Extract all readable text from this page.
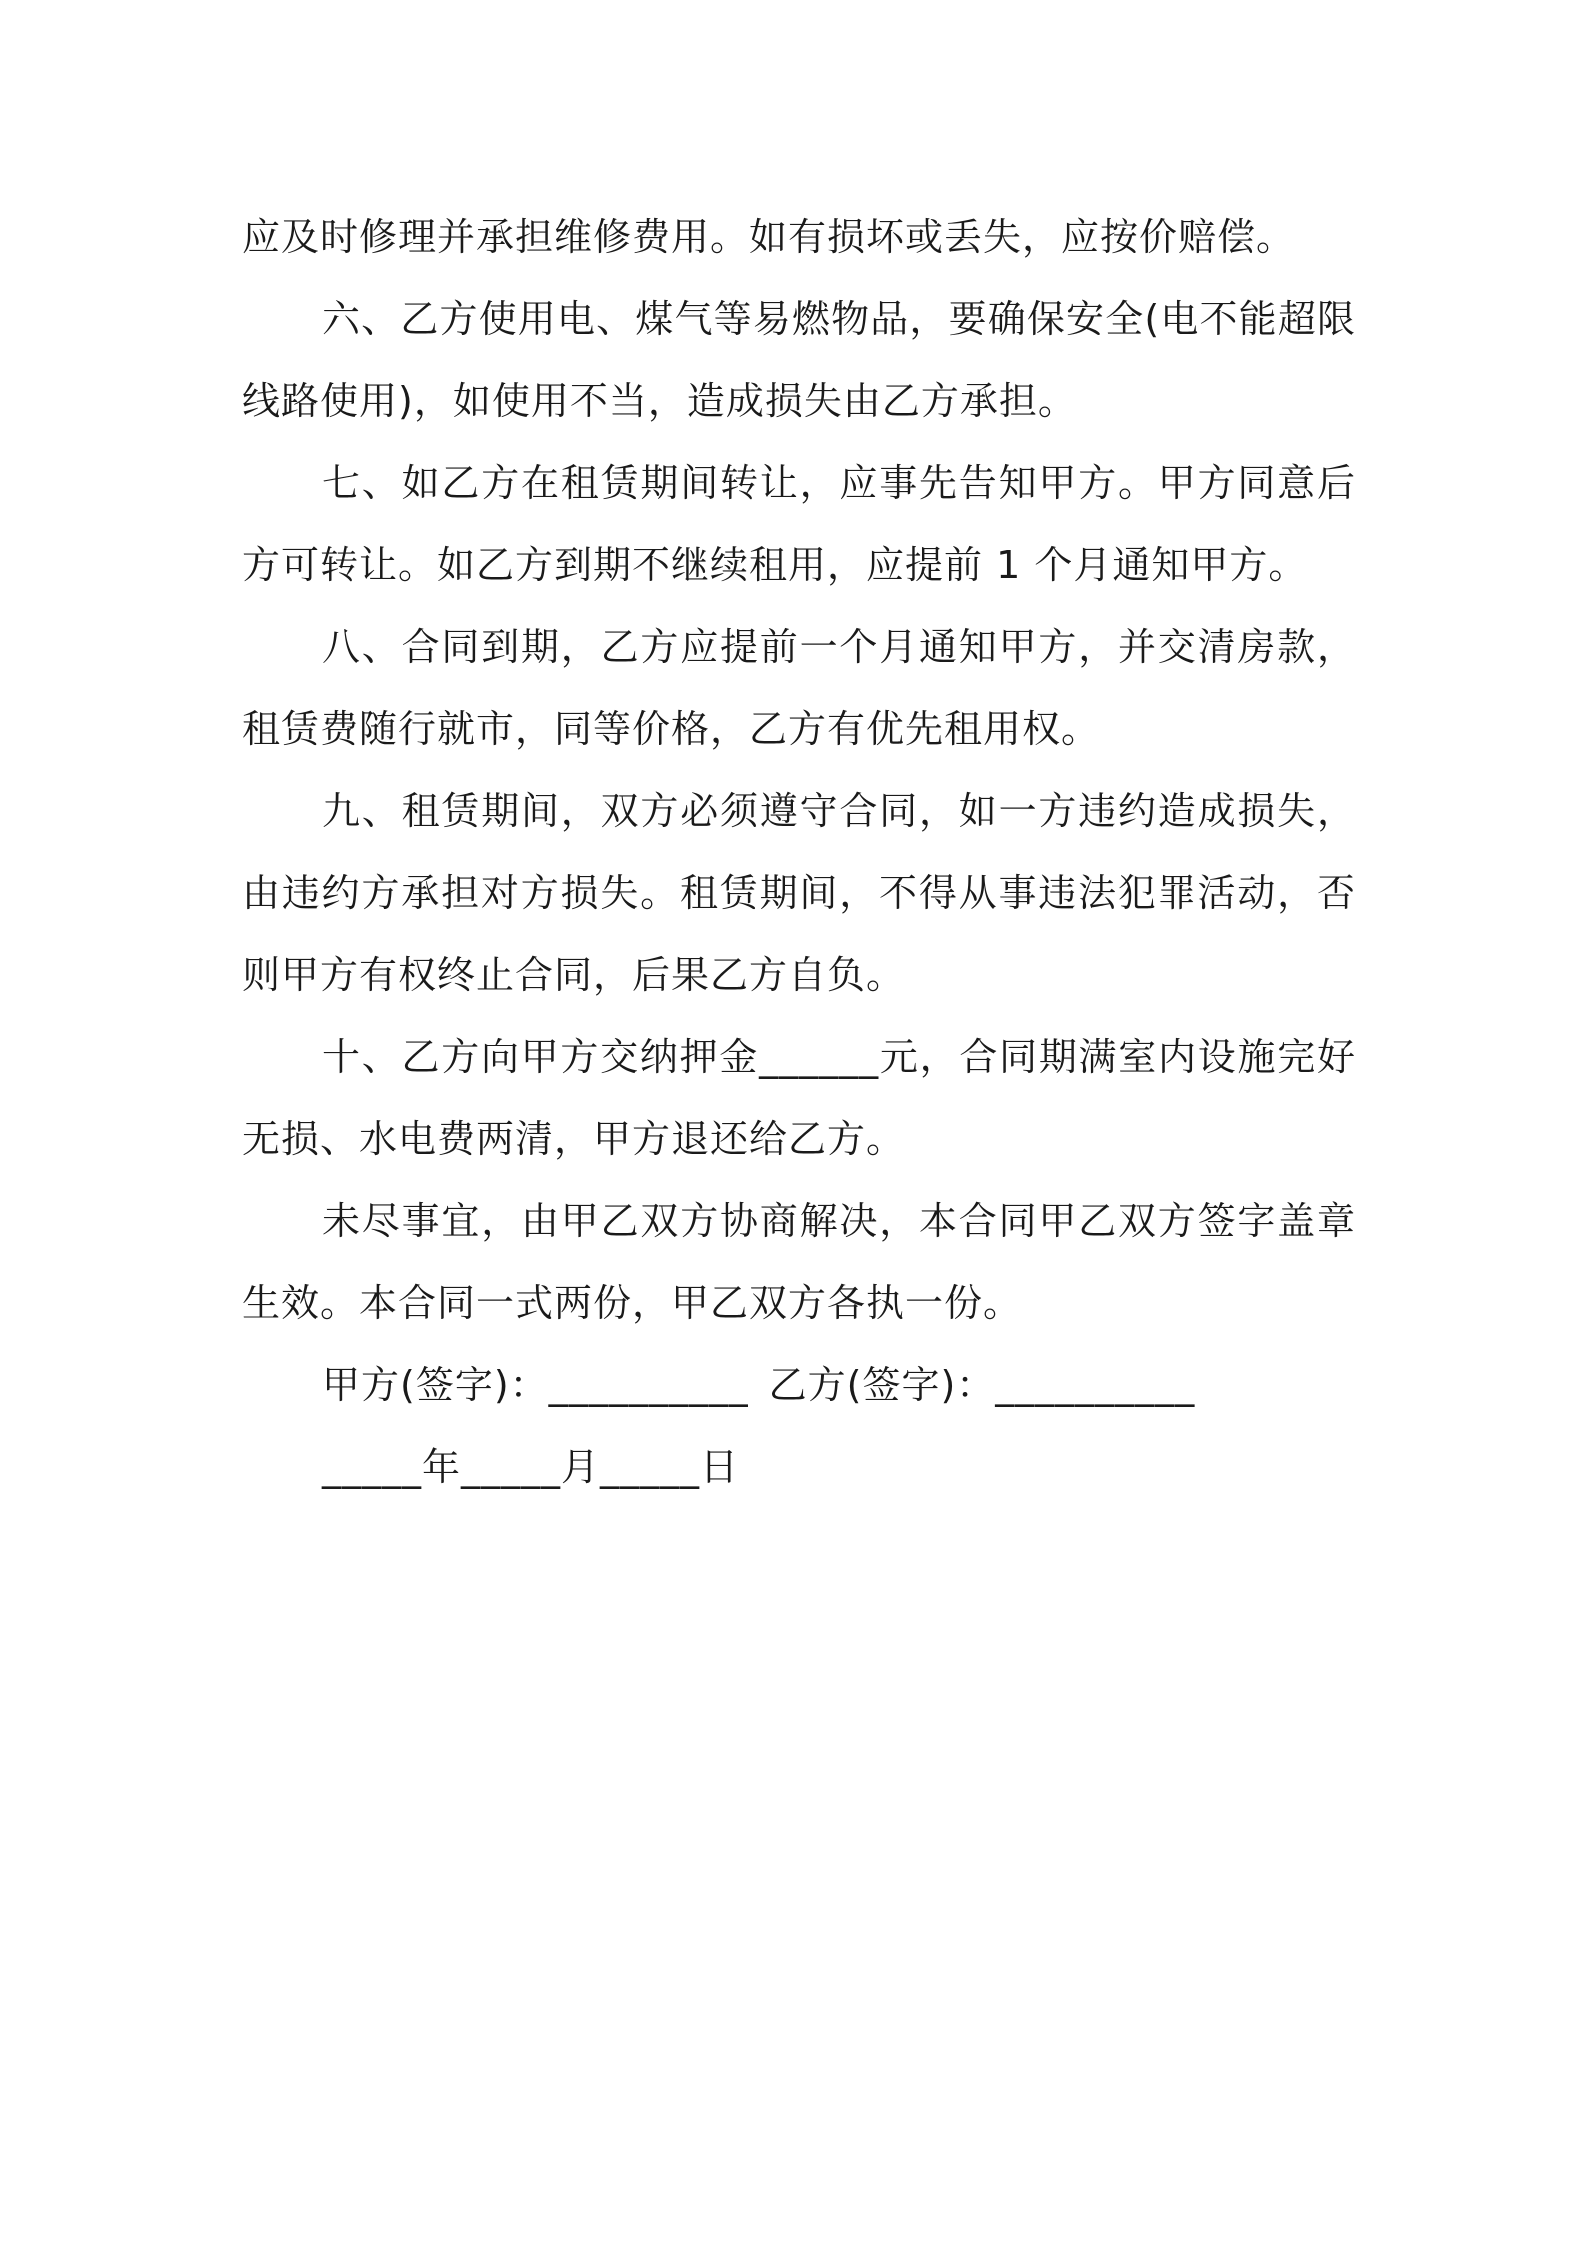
应及时修理并承担维修费用。如有损坏或丢失，应按价赔偿。

六、乙方使用电、煤气等易燃物品，要确保安全(电不能超限线路使用)，如使用不当，造成损失由乙方承担。

七、如乙方在租赁期间转让，应事先告知甲方。甲方同意后方可转让。如乙方到期不继续租用，应提前 1 个月通知甲方。

八、合同到期，乙方应提前一个月通知甲方，并交清房款，租赁费随行就市，同等价格，乙方有优先租用权。

九、租赁期间，双方必须遵守合同，如一方违约造成损失，由违约方承担对方损失。租赁期间，不得从事违法犯罪活动，否则甲方有权终止合同，后果乙方自负。

十、乙方向甲方交纳押金______元，合同期满室内设施完好无损、水电费两清，甲方退还给乙方。

未尽事宜，由甲乙双方协商解决，本合同甲乙双方签字盖章生效。本合同一式两份，甲乙双方各执一份。

甲方(签字)：__________ 乙方(签字)：__________

_____年_____月_____日
